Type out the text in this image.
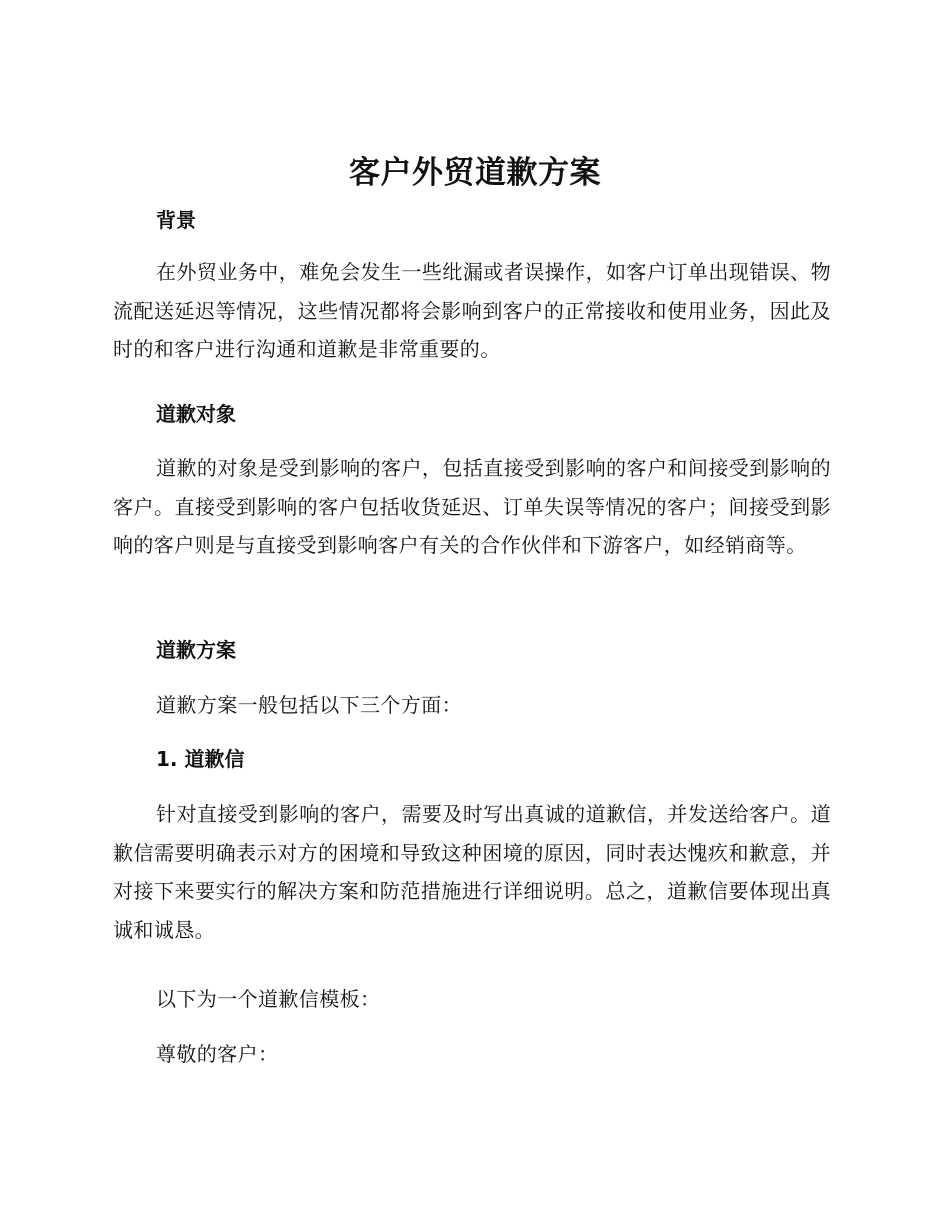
客户外贸道歉方案
背景

在外贸业务中，难免会发生一些纰漏或者误操作，如客户订单出现错误、物流配送延迟等情况，这些情况都将会影响到客户的正常接收和使用业务，因此及时的和客户进行沟通和道歉是非常重要的。

道歉对象

道歉的对象是受到影响的客户，包括直接受到影响的客户和间接受到影响的客户。直接受到影响的客户包括收货延迟、订单失误等情况的客户；间接受到影响的客户则是与直接受到影响客户有关的合作伙伴和下游客户，如经销商等。

道歉方案

道歉方案一般包括以下三个方面：

1. 道歉信

针对直接受到影响的客户，需要及时写出真诚的道歉信，并发送给客户。道歉信需要明确表示对方的困境和导致这种困境的原因，同时表达愧疚和歉意，并对接下来要实行的解决方案和防范措施进行详细说明。总之，道歉信要体现出真诚和诚恳。

以下为一个道歉信模板：

尊敬的客户：
